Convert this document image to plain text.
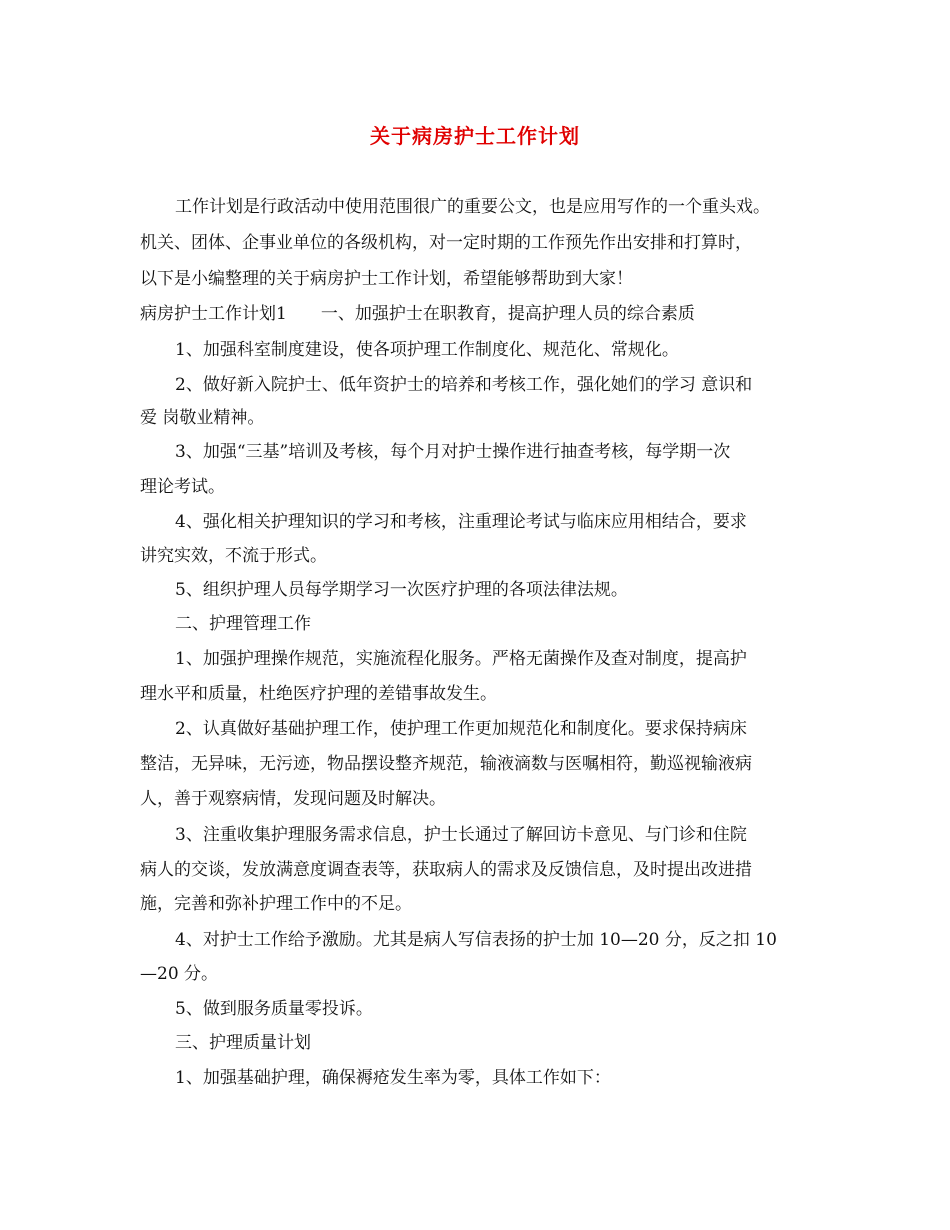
关于病房护士工作计划
工作计划是行政活动中使用范围很广的重要公文，也是应用写作的一个重头戏。
机关、团体、企事业单位的各级机构，对一定时期的工作预先作出安排和打算时，
以下是小编整理的关于病房护士工作计划，希望能够帮助到大家！
病房护士工作计划1　　一、加强护士在职教育，提高护理人员的综合素质
1、加强科室制度建设，使各项护理工作制度化、规范化、常规化。
2、做好新入院护士、低年资护士的培养和考核工作，强化她们的学习 意识和
爱 岗敬业精神。
3、加强“三基”培训及考核，每个月对护士操作进行抽查考核，每学期一次
理论考试。
4、强化相关护理知识的学习和考核，注重理论考试与临床应用相结合，要求
讲究实效，不流于形式。
5、组织护理人员每学期学习一次医疗护理的各项法律法规。
二、护理管理工作
1、加强护理操作规范，实施流程化服务。严格无菌操作及查对制度，提高护
理水平和质量，杜绝医疗护理的差错事故发生。
2、认真做好基础护理工作，使护理工作更加规范化和制度化。要求保持病床
整洁，无异味，无污迹，物品摆设整齐规范，输液滴数与医嘱相符，勤巡视输液病
人，善于观察病情，发现问题及时解决。
3、注重收集护理服务需求信息，护士长通过了解回访卡意见、与门诊和住院
病人的交谈，发放满意度调查表等，获取病人的需求及反馈信息，及时提出改进措
施，完善和弥补护理工作中的不足。
4、对护士工作给予激励。尤其是病人写信表扬的护士加 10—20 分，反之扣 10
—20 分。
5、做到服务质量零投诉。
三、护理质量计划
1、加强基础护理，确保褥疮发生率为零，具体工作如下：
